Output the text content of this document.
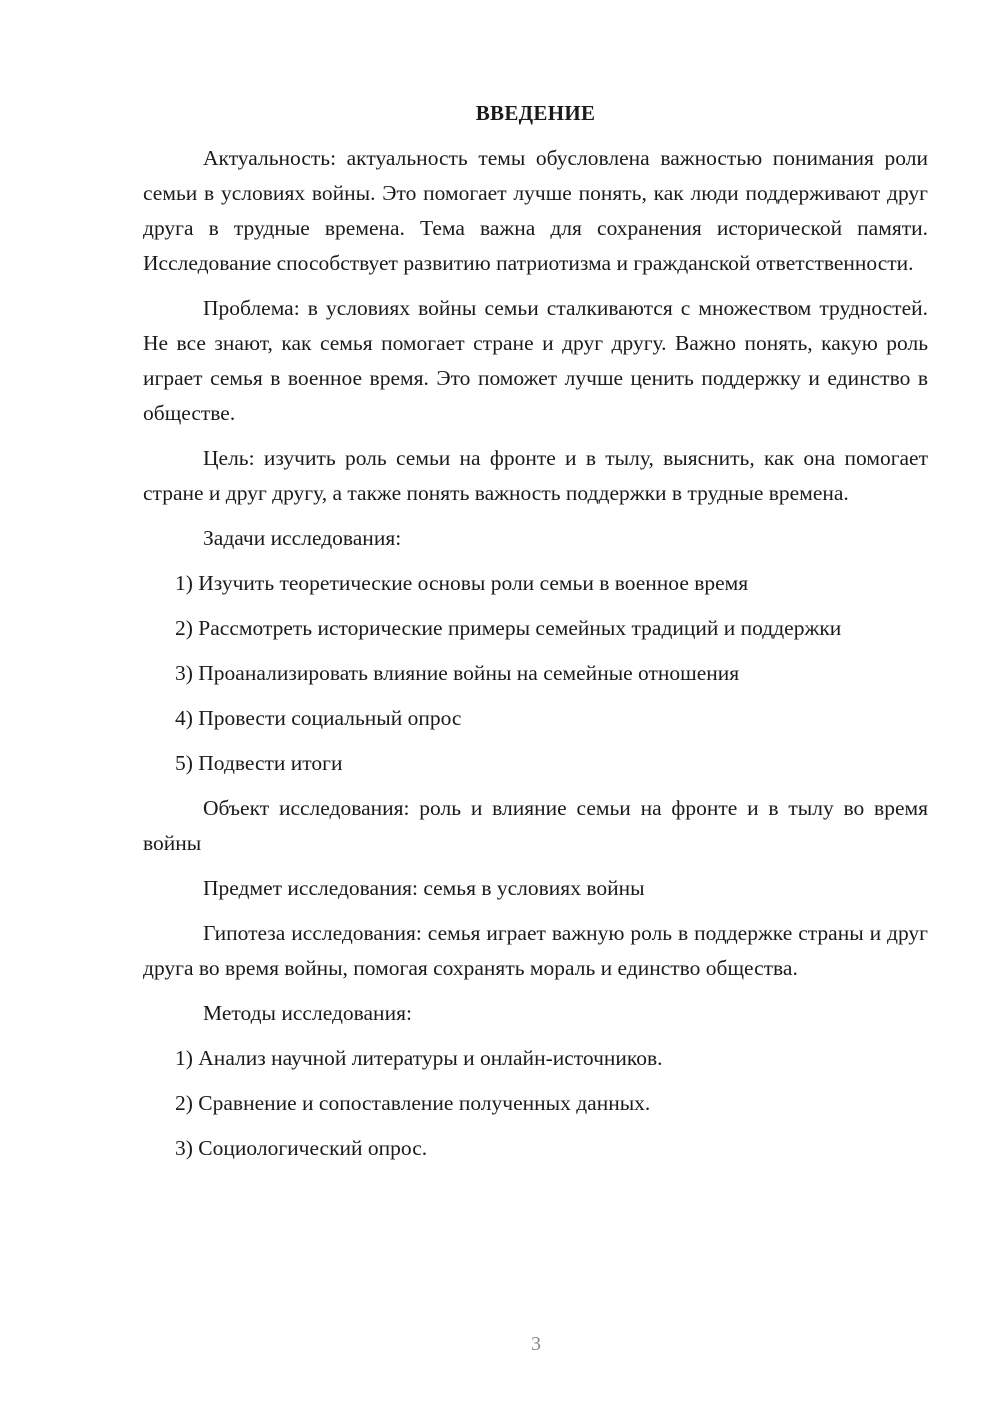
ВВЕДЕНИЕ

Актуальность: актуальность темы обусловлена важностью понимания роли семьи в условиях войны. Это помогает лучше понять, как люди поддерживают друг друга в трудные времена. Тема важна для сохранения исторической памяти. Исследование способствует развитию патриотизма и гражданской ответственности.

Проблема: в условиях войны семьи сталкиваются с множеством трудностей. Не все знают, как семья помогает стране и друг другу. Важно понять, какую роль играет семья в военное время. Это поможет лучше ценить поддержку и единство в обществе.

Цель: изучить роль семьи на фронте и в тылу, выяснить, как она помогает стране и друг другу, а также понять важность поддержки в трудные времена.

Задачи исследования:

1) Изучить теоретические основы роли семьи в военное время

2) Рассмотреть исторические примеры семейных традиций и поддержки

3) Проанализировать влияние войны на семейные отношения

4) Провести социальный опрос

5) Подвести итоги

Объект исследования: роль и влияние семьи на фронте и в тылу во время войны

Предмет исследования: семья в условиях войны

Гипотеза исследования: семья играет важную роль в поддержке страны и друг друга во время войны, помогая сохранять мораль и единство общества.

Методы исследования:

1) Анализ научной литературы и онлайн-источников.

2) Сравнение и сопоставление полученных данных.

3) Социологический опрос.

3
